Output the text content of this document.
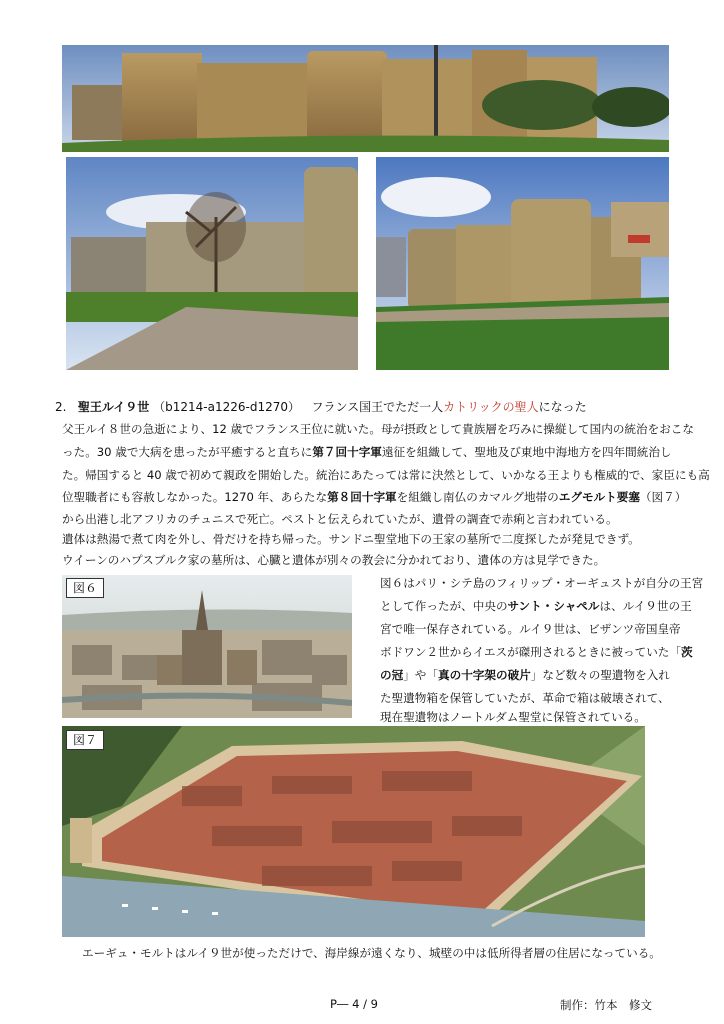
2. 聖王ルイ９世 （b1214-a1226-d1270） フランス国王でただ一人カトリックの聖人になった
父王ルイ８世の急逝により、12 歳でフランス王位に就いた。母が摂政として貴族層を巧みに操縦して国内の統治をおこな
った。30 歳で大病を患ったが平癒すると直ちに第７回十字軍遠征を組織して、聖地及び東地中海地方を四年間統治し
た。帰国すると 40 歳で初めて親政を開始した。統治にあたっては常に決然として、いかなる王よりも権威的で、家臣にも高
位聖職者にも容赦しなかった。1270 年、あらたな第８回十字軍を組織し南仏のカマルグ地帯のエグモルト要塞（図７）
から出港し北アフリカのチュニスで死亡。ペストと伝えられていたが、遺骨の調査で赤痢と言われている。
遺体は熱湯で煮て肉を外し、骨だけを持ち帰った。サンドニ聖堂地下の王家の墓所で二度探したが発見できず。
ウイーンのハプスブルク家の墓所は、心臓と遺体が別々の教会に分かれており、遺体の方は見学できた。
図６	図６はパリ・シテ島のフィリップ・オーギュストが自分の王宮
として作ったが、中央のサント・シャペルは、ルイ９世の王
宮で唯一保存されている。ルイ９世は、ビザンツ帝国皇帝
ボドワン２世からイエスが磔刑されるときに被っていた「茨
の冠」や「真の十字架の破片」など数々の聖遺物を入れ
た聖遺物箱を保管していたが、革命で箱は破壊されて、
現在聖遺物はノートルダム聖堂に保管されている。
図７
エーギュ・モルトはルイ９世が使っただけで、海岸線が遠くなり、城壁の中は低所得者層の住居になっている。
P― 4 / 9	制作：竹本　修文
